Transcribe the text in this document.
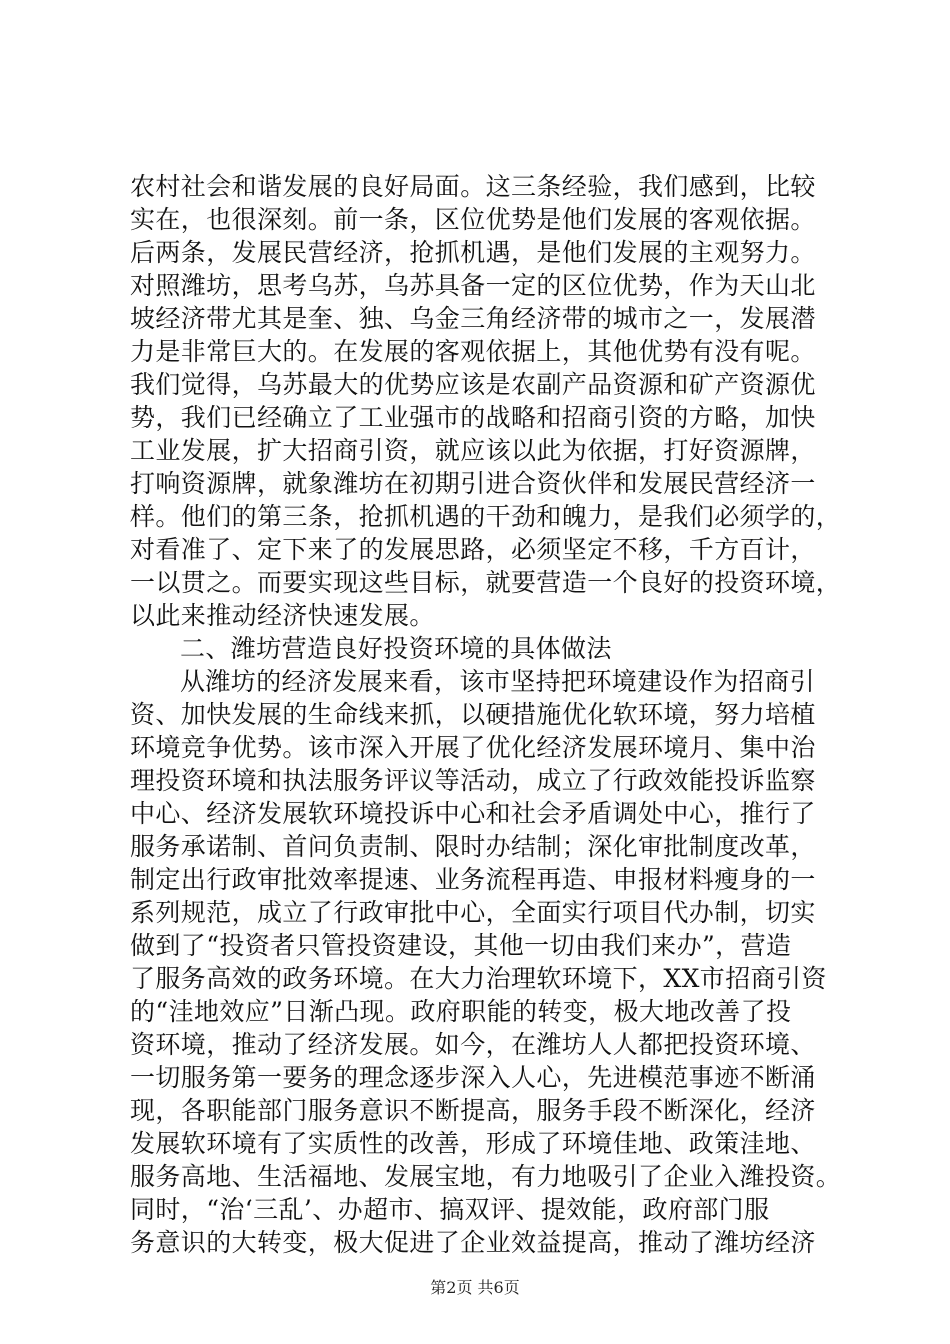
农村社会和谐发展的良好局面。这三条经验，我们感到，比较
实在，也很深刻。前一条，区位优势是他们发展的客观依据。
后两条，发展民营经济，抢抓机遇，是他们发展的主观努力。
对照潍坊，思考乌苏，乌苏具备一定的区位优势，作为天山北
坡经济带尤其是奎、独、乌金三角经济带的城市之一，发展潜
力是非常巨大的。在发展的客观依据上，其他优势有没有呢。
我们觉得，乌苏最大的优势应该是农副产品资源和矿产资源优
势，我们已经确立了工业强市的战略和招商引资的方略，加快
工业发展，扩大招商引资，就应该以此为依据，打好资源牌，
打响资源牌，就象潍坊在初期引进合资伙伴和发展民营经济一
样。他们的第三条，抢抓机遇的干劲和魄力，是我们必须学的，
对看准了、定下来了的发展思路，必须坚定不移，千方百计，
一以贯之。而要实现这些目标，就要营造一个良好的投资环境，
以此来推动经济快速发展。
二、潍坊营造良好投资环境的具体做法
从潍坊的经济发展来看，该市坚持把环境建设作为招商引
资、加快发展的生命线来抓，以硬措施优化软环境，努力培植
环境竞争优势。该市深入开展了优化经济发展环境月、集中治
理投资环境和执法服务评议等活动，成立了行政效能投诉监察
中心、经济发展软环境投诉中心和社会矛盾调处中心，推行了
服务承诺制、首问负责制、限时办结制；深化审批制度改革，
制定出行政审批效率提速、业务流程再造、申报材料瘦身的一
系列规范，成立了行政审批中心，全面实行项目代办制，切实
做到了“投资者只管投资建设，其他一切由我们来办”，营造
了服务高效的政务环境。在大力治理软环境下，XX市招商引资
的“洼地效应”日渐凸现。政府职能的转变，极大地改善了投
资环境，推动了经济发展。如今，在潍坊人人都把投资环境、
一切服务第一要务的理念逐步深入人心，先进模范事迹不断涌
现，各职能部门服务意识不断提高，服务手段不断深化，经济
发展软环境有了实质性的改善，形成了环境佳地、政策洼地、
服务高地、生活福地、发展宝地，有力地吸引了企业入潍投资。
同时，“治‘三乱’、办超市、搞双评、提效能，政府部门服
务意识的大转变，极大促进了企业效益提高，推动了潍坊经济
第2页 共6页
